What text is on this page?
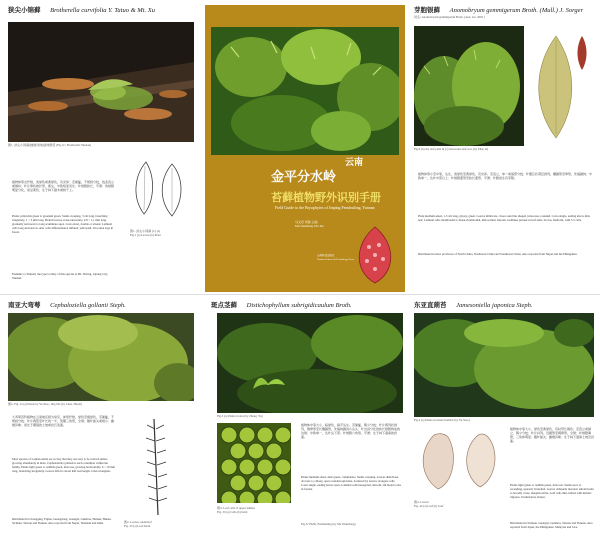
狭尖小锦藓 Brotherella curvifolia Y. Tatuo & Mt. Xu
图1- 狭尖小锦藓(雌雄同株)植株群落 (Fig.1C: Brotherella Yunnan)
植物体形态纤细，淡绿色或黄绿色，有光泽；茎匍匐，不规则分枝，枝条直立或倾斜；叶片卵状披针形，渐尖，中肋短而双生；叶细胞狭长，平滑；角细胞明显分化，常呈黄色；生于林下腐木或树干上。
Plants yellowish green to greenish green. Stems creeping, 3 cm long, branching irregularly, 1 ~ 3 mm long. Branch leaves ovate-lanceolate, 0.8 ~ 1.1 mm long, gradually narrowed to long acuminate apex. Costa short, double or absent. Laminal cells long and narrow. Alar cells differentiated, inflated, yellowish. On rotten logs in forest.
Endemic to Yunnan; the type locality of this species is Mt. Yulong, Lijiang City, Yunnan.
图1- 狭尖小锦藓 (C) (a)
Fig.1 (a) Leaves (b) Plant
云南
金平分水岭
苔藓植物野外识别手册
Field Guide to the Bryophytes of Jinping Fenshuiling, Yunnan
马文章 刘俊 主编
MA Wenzhang LIU Jun
云南科技出版社
Yunnan Science & Technology Press
芽胞银藓 Anomobryum gemmigerum Broth. (Mull.) J. Sorger
同名: Anomobryum gemmigerum Broth. (Ann. nat. 2005 )
Fig.6 (b) dry leaf plant & (c) lanceolate leaf wet. (by Zhao in)
植物体形小至中等，丛生，淡绿色至黄绿色，有光泽。茎直立，单一或基部分枝；叶覆瓦状紧密排列，椭圆形至卵形，先端圆钝；中肋单一，达叶中部以上；叶细胞菱形至狭长菱形，平滑；叶腋常生有芽胞。
Plant medium-sized, 1-3 cm long, glossy, green. Leaves imbricate, close round the shaped, julaceous, rounded. Costa single, ending above mid-leaf. Laminal cells rhomboidal to linear-rhomboidal, thin-walled, smooth. Gemmae present in leaf axils, brown, fusiform, with 3-5 cells.
Distributed in most provinces of North China, Northwest China and Southwest China. Also reported from Nepal and the Philippines.
南亚大弯萼 Cephaloziella gollanii Steph.
图2- Fig. 2a (a) Plants by Yu Xiao, Jing Ma (by Chen, Hanxi)
大弯萼苔科植物在云南地区极为常见，体形纤细，绿色至褐绿色，茎匍匐，不规则分枝；叶片两裂至叶长的一半，裂瓣三角形，全缘；腹叶缺失或极小；雌雄异株；常生于潮湿的土坡或岩石表面。
Most species of Cephaloziella are so tiny that they are easy to be noticed unless growing abundantly in mats. Cephaloziella gollanii is such a member within the family. Plants light green to reddish green, dioicous, growing horizontally, 6 ~ 10 mm long, branching irregularly. Leaves bifid to about half leaf length, lobes triangular.
Distributed in Chongqing, Fujian, Guangdong, Guangxi, Guizhou, Hainan, Hunan, Sichuan, Taiwan and Yunnan. Also reported from Nepal, Thailand and India.	图2- Leaves, underleaf
Fig. 2b (a) Leaf detail
斑点茎藓 Distichophyllum subrigidicaulum Broth.
Fig.3 (a) Plants in situ (by Zhang, Yu)
图3- Leaf cells of upper lamina
Fig. 3b (a) Cells (b) habit
植物体中等大小，暗绿色，扁平丛生。茎匍匐，稀少分枝；叶片两列状排列，倒卵形至长椭圆形，先端钝圆具小尖头；叶边具分化的狭长细胞构成的边缘；中肋单一，达叶尖下部；叶细胞六角形，平滑；生于林下湿润的岩面。
Plants medium sized, dark green, complanate. Stems creeping. Leaves distichous, obovate to oblong, apex rounded-apiculate, bordered by narrow elongate cells. Costa single, ending below apex. Laminal cells hexagonal, smooth. On moist rocks in forests.
Fig.3c Habit, Fenshuiling (by Ma Wenzhang)
东亚直蒴苔 Jamesoniella japonica Steph.
Fig.4 (a) Plants in natural habitat (by Yu Xiao)
图4- Leaves
Fig. 4b (a) Leaf (b) Leaf
植物体中等大小，绿色至黄绿色，有时带红褐色；茎直立或倾立，稀少分枝；叶片斜列，近圆形至阔卵形，全缘；叶细胞薄壁，三角体明显；腹叶缺失；雌雄异株；生于林下湿润土坡及岩面。
Plants light green to reddish green, dioicous. Stems erect to ascending, sparsely branched. Leaves obliquely inserted, suborbicular to broadly ovate, margins entire. Leaf cells thin-walled with distinct trigones. Underleaves absent.
Distributed in Sichuan, Guangxi, Guizhou, Taiwan and Yunnan. Also reported from Japan, the Philippines, Malaysia and Java.
